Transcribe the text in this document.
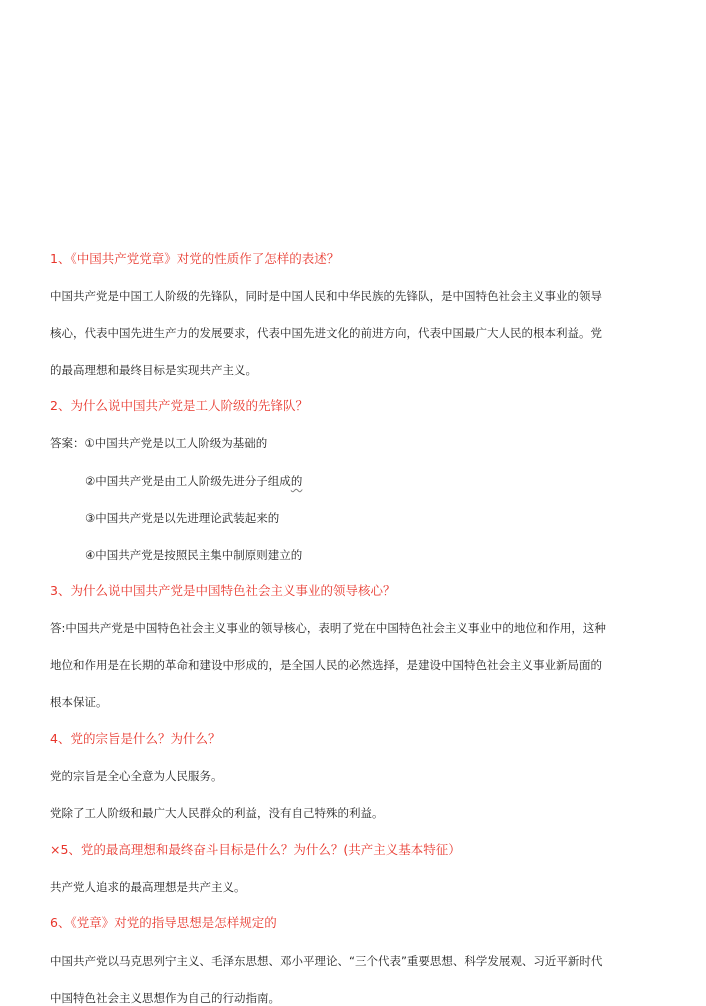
1、《中国共产党党章》对党的性质作了怎样的表述？
中国共产党是中国工人阶级的先锋队，同时是中国人民和中华民族的先锋队，是中国特色社会主义事业的领导
核心，代表中国先进生产力的发展要求，代表中国先进文化的前进方向，代表中国最广大人民的根本利益。党
的最高理想和最终目标是实现共产主义。
2、为什么说中国共产党是工人阶级的先锋队？
答案：①中国共产党是以工人阶级为基础的
②中国共产党是由工人阶级先进分子组成的
③中国共产党是以先进理论武装起来的
④中国共产党是按照民主集中制原则建立的
3、为什么说中国共产党是中国特色社会主义事业的领导核心？
答:中国共产党是中国特色社会主义事业的领导核心，表明了党在中国特色社会主义事业中的地位和作用，这种
地位和作用是在长期的革命和建设中形成的，是全国人民的必然选择，是建设中国特色社会主义事业新局面的
根本保证。
4、党的宗旨是什么？为什么？
党的宗旨是全心全意为人民服务。
党除了工人阶级和最广大人民群众的利益，没有自己特殊的利益。
×5、党的最高理想和最终奋斗目标是什么？为什么？(共产主义基本特征）
共产党人追求的最高理想是共产主义。
6、《党章》对党的指导思想是怎样规定的
中国共产党以马克思列宁主义、毛泽东思想、邓小平理论、“三个代表”重要思想、科学发展观、习近平新时代
中国特色社会主义思想作为自己的行动指南。
